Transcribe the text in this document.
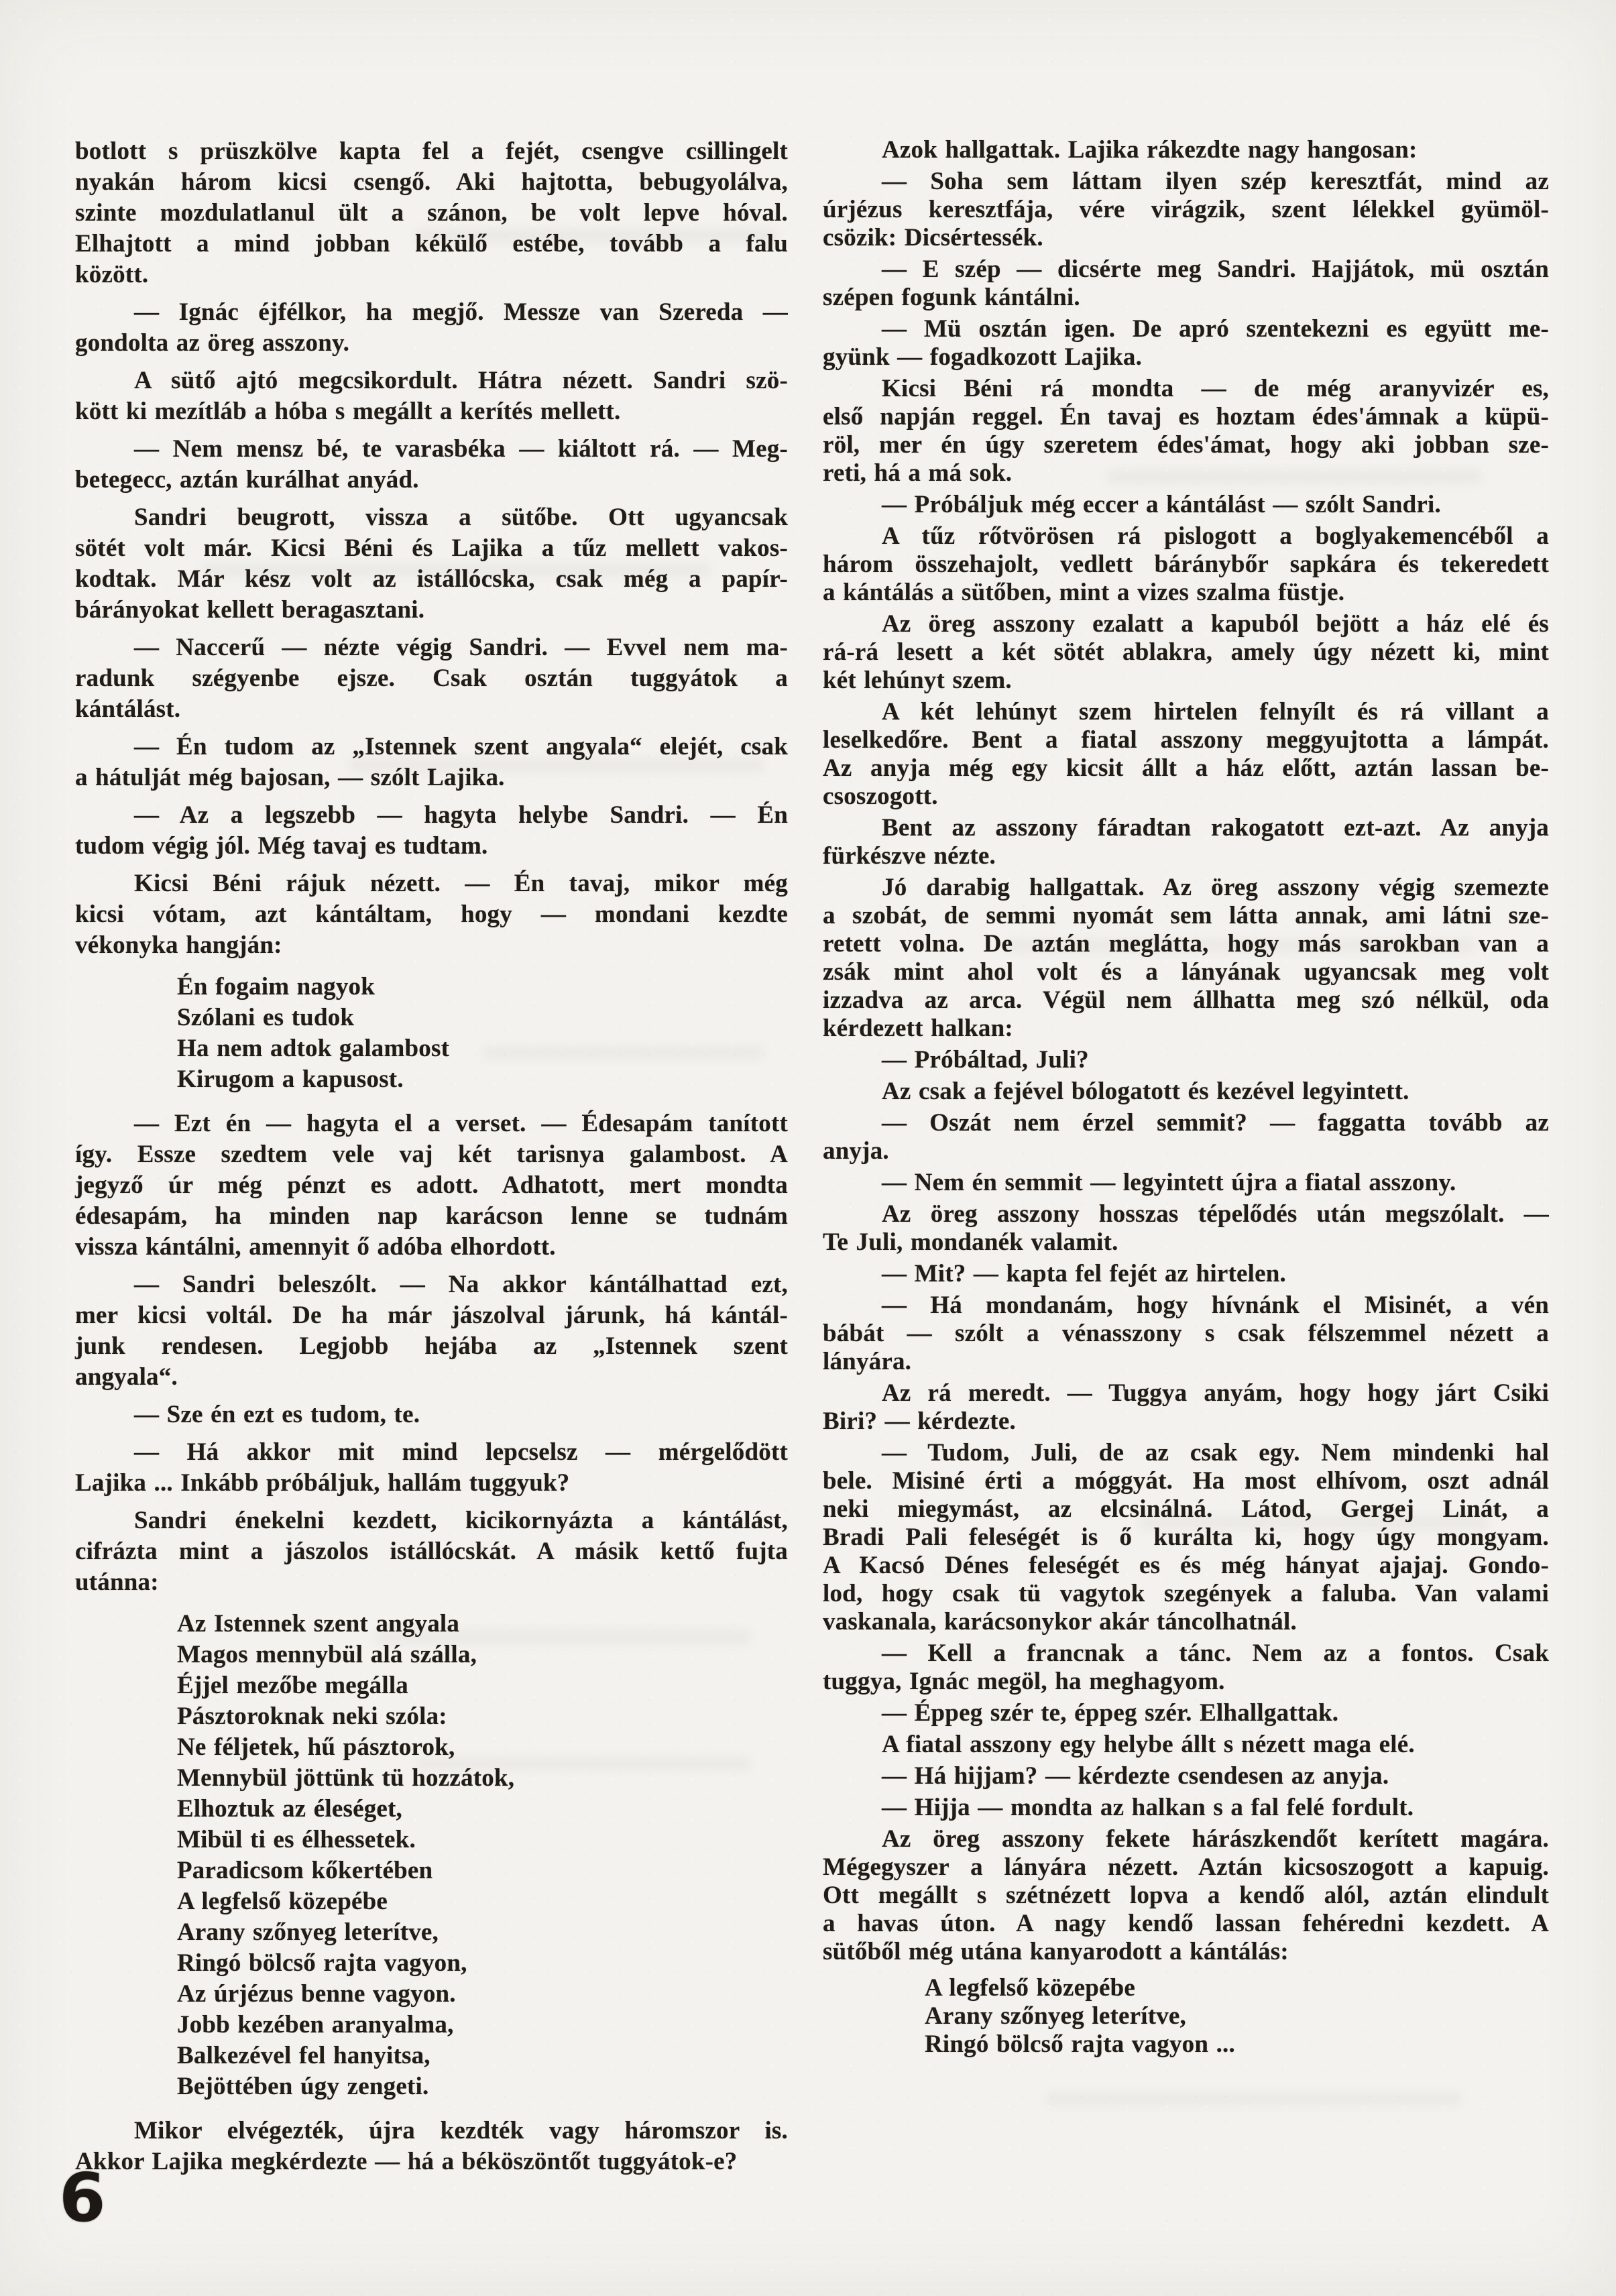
botlott s prüszkölve kapta fel a fejét, csengve csillingelt
nyakán három kicsi csengő. Aki hajtotta, bebugyolálva,
szinte mozdulatlanul ült a szánon, be volt lepve hóval.
Elhajtott a mind jobban kékülő estébe, tovább a falu
között.
— Ignác éjfélkor, ha megjő. Messze van Szereda —
gondolta az öreg asszony.
A sütő ajtó megcsikordult. Hátra nézett. Sandri szö-
kött ki mezítláb a hóba s megállt a kerítés mellett.
— Nem mensz bé, te varasbéka — kiáltott rá. — Meg-
betegecc, aztán kurálhat anyád.
Sandri beugrott, vissza a sütőbe. Ott ugyancsak
sötét volt már. Kicsi Béni és Lajika a tűz mellett vakos-
kodtak. Már kész volt az istállócska, csak még a papír-
bárányokat kellett beragasztani.
— Naccerű — nézte végig Sandri. — Evvel nem ma-
radunk szégyenbe ejsze. Csak osztán tuggyátok a
kántálást.
— Én tudom az „Istennek szent angyala“ elejét, csak
a hátulját még bajosan, — szólt Lajika.
— Az a legszebb — hagyta helybe Sandri. — Én
tudom végig jól. Még tavaj es tudtam.
Kicsi Béni rájuk nézett. — Én tavaj, mikor még
kicsi vótam, azt kántáltam, hogy — mondani kezdte
vékonyka hangján:
Én fogaim nagyok
Szólani es tudok
Ha nem adtok galambost
Kirugom a kapusost.
— Ezt én — hagyta el a verset. — Édesapám tanított
így. Essze szedtem vele vaj két tarisnya galambost. A
jegyző úr még pénzt es adott. Adhatott, mert mondta
édesapám, ha minden nap karácson lenne se tudnám
vissza kántálni, amennyit ő adóba elhordott.
— Sandri beleszólt. — Na akkor kántálhattad ezt,
mer kicsi voltál. De ha már jászolval járunk, há kántál-
junk rendesen. Legjobb hejába az „Istennek szent
angyala“.
— Sze én ezt es tudom, te.
— Há akkor mit mind lepcselsz — mérgelődött
Lajika ... Inkább próbáljuk, hallám tuggyuk?
Sandri énekelni kezdett, kicikornyázta a kántálást,
cifrázta mint a jászolos istállócskát. A másik kettő fujta
utánna:
Az Istennek szent angyala
Magos mennybül alá szálla,
Éjjel mezőbe megálla
Pásztoroknak neki szóla:
Ne féljetek, hű pásztorok,
Mennybül jöttünk tü hozzátok,
Elhoztuk az éleséget,
Mibül ti es élhessetek.
Paradicsom kőkertében
A legfelső közepébe
Arany szőnyeg leterítve,
Ringó bölcső rajta vagyon,
Az úrjézus benne vagyon.
Jobb kezében aranyalma,
Balkezével fel hanyitsa,
Bejöttében úgy zengeti.
Mikor elvégezték, újra kezdték vagy háromszor is.
Akkor Lajika megkérdezte — há a béköszöntőt tuggyátok-e?
Azok hallgattak. Lajika rákezdte nagy hangosan:
— Soha sem láttam ilyen szép keresztfát, mind az
úrjézus keresztfája, vére virágzik, szent lélekkel gyümöl-
csözik: Dicsértessék.
— E szép — dicsérte meg Sandri. Hajjátok, mü osztán
szépen fogunk kántálni.
— Mü osztán igen. De apró szentekezni es együtt me-
gyünk — fogadkozott Lajika.
Kicsi Béni rá mondta — de még aranyvizér es,
első napján reggel. Én tavaj es hoztam édes'ámnak a küpü-
röl, mer én úgy szeretem édes'ámat, hogy aki jobban sze-
reti, há a má sok.
— Próbáljuk még eccer a kántálást — szólt Sandri.
A tűz rőtvörösen rá pislogott a boglyakemencéből a
három összehajolt, vedlett báránybőr sapkára és tekeredett
a kántálás a sütőben, mint a vizes szalma füstje.
Az öreg asszony ezalatt a kapuból bejött a ház elé és
rá-rá lesett a két sötét ablakra, amely úgy nézett ki, mint
két lehúnyt szem.
A két lehúnyt szem hirtelen felnyílt és rá villant a
leselkedőre. Bent a fiatal asszony meggyujtotta a lámpát.
Az anyja még egy kicsit állt a ház előtt, aztán lassan be-
csoszogott.
Bent az asszony fáradtan rakogatott ezt-azt. Az anyja
fürkészve nézte.
Jó darabig hallgattak. Az öreg asszony végig szemezte
a szobát, de semmi nyomát sem látta annak, ami látni sze-
retett volna. De aztán meglátta, hogy más sarokban van a
zsák mint ahol volt és a lányának ugyancsak meg volt
izzadva az arca. Végül nem állhatta meg szó nélkül, oda
kérdezett halkan:
— Próbáltad, Juli?
Az csak a fejével bólogatott és kezével legyintett.
— Oszát nem érzel semmit? — faggatta tovább az
anyja.
— Nem én semmit — legyintett újra a fiatal asszony.
Az öreg asszony hosszas tépelődés után megszólalt. —
Te Juli, mondanék valamit.
— Mit? — kapta fel fejét az hirtelen.
— Há mondanám, hogy hívnánk el Misinét, a vén
bábát — szólt a vénasszony s csak félszemmel nézett a
lányára.
Az rá meredt. — Tuggya anyám, hogy hogy járt Csiki
Biri? — kérdezte.
— Tudom, Juli, de az csak egy. Nem mindenki hal
bele. Misiné érti a móggyát. Ha most elhívom, oszt adnál
neki miegymást, az elcsinálná. Látod, Gergej Linát, a
Bradi Pali feleségét is ő kurálta ki, hogy úgy mongyam.
A Kacsó Dénes feleségét es és még hányat ajajaj. Gondo-
lod, hogy csak tü vagytok szegények a faluba. Van valami
vaskanala, karácsonykor akár táncolhatnál.
— Kell a francnak a tánc. Nem az a fontos. Csak
tuggya, Ignác megöl, ha meghagyom.
— Éppeg szér te, éppeg szér. Elhallgattak.
A fiatal asszony egy helybe állt s nézett maga elé.
— Há hijjam? — kérdezte csendesen az anyja.
— Hijja — mondta az halkan s a fal felé fordult.
Az öreg asszony fekete hárászkendőt kerített magára.
Mégegyszer a lányára nézett. Aztán kicsoszogott a kapuig.
Ott megállt s szétnézett lopva a kendő alól, aztán elindult
a havas úton. A nagy kendő lassan fehéredni kezdett. A
sütőből még utána kanyarodott a kántálás:
A legfelső közepébe
Arany szőnyeg leterítve,
Ringó bölcső rajta vagyon ...
6
